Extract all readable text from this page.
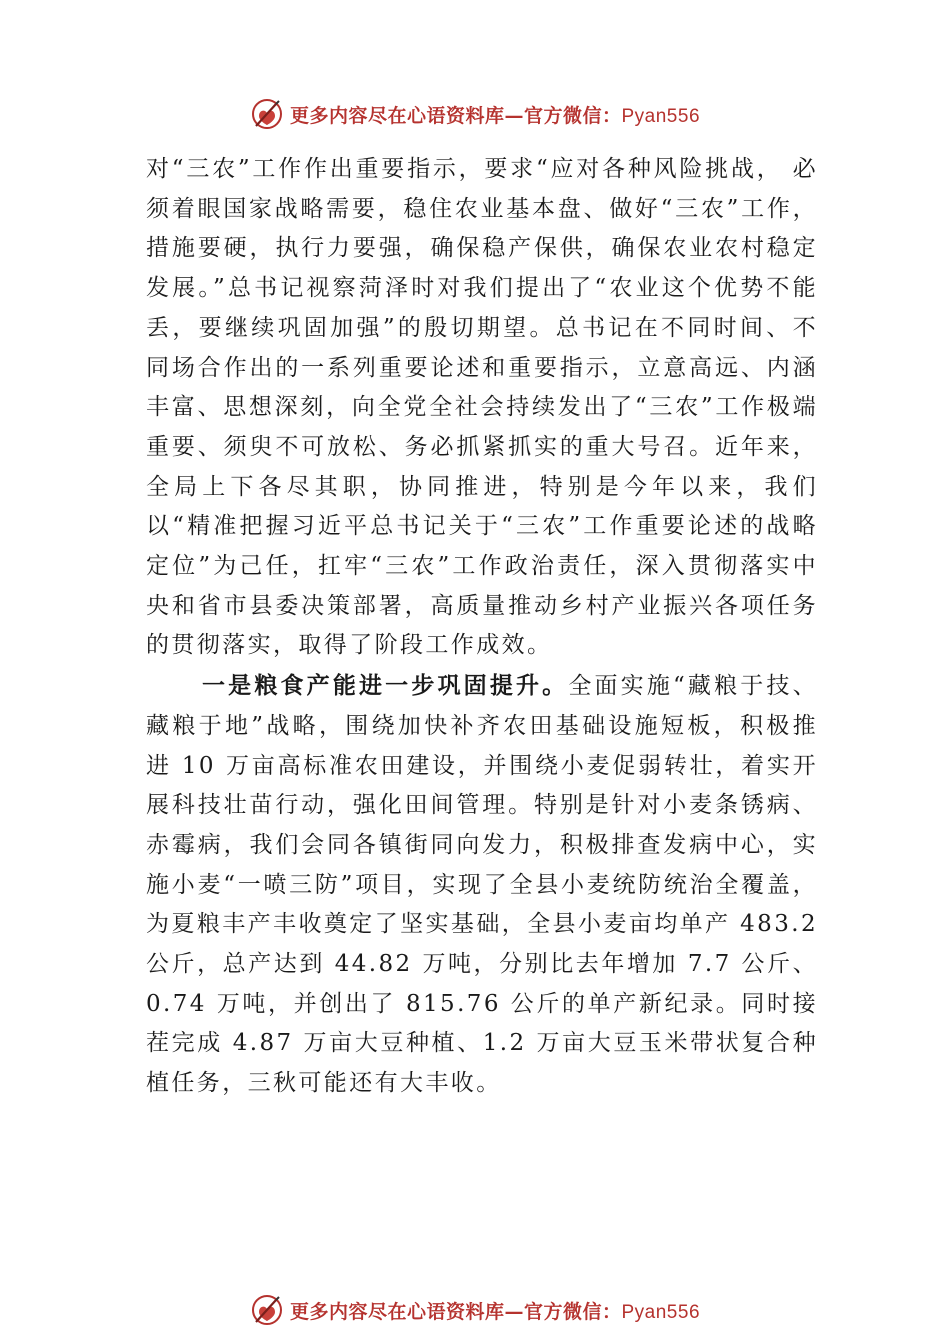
更多内容尽在心语资料库—官方微信：Pyan556

对“三农”工作作出重要指示，要求“应对各种风险挑战， 必须着眼国家战略需要，稳住农业基本盘、做好“三农”工作，措施要硬，执行力要强，确保稳产保供，确保农业农村稳定发展。”总书记视察菏泽时对我们提出了“农业这个优势不能丢，要继续巩固加强”的殷切期望。总书记在不同时间、不同场合作出的一系列重要论述和重要指示，立意高远、内涵丰富、思想深刻，向全党全社会持续发出了“三农”工作极端重要、须臾不可放松、务必抓紧抓实的重大号召。近年来，全局上下各尽其职，协同推进，特别是今年以来，我们以“精准把握习近平总书记关于“三农”工作重要论述的战略定位”为己任，扛牢“三农”工作政治责任，深入贯彻落实中央和省市县委决策部署，高质量推动乡村产业振兴各项任务的贯彻落实，取得了阶段工作成效。

一是粮食产能进一步巩固提升。全面实施“藏粮于技、藏粮于地”战略，围绕加快补齐农田基础设施短板，积极推进 10 万亩高标准农田建设，并围绕小麦促弱转壮，着实开展科技壮苗行动，强化田间管理。特别是针对小麦条锈病、 赤霉病，我们会同各镇街同向发力，积极排查发病中心，实施小麦“一喷三防”项目，实现了全县小麦统防统治全覆盖， 为夏粮丰产丰收奠定了坚实基础，全县小麦亩均单产 483.2 公斤，总产达到 44.82 万吨，分别比去年增加 7.7 公斤、0.74 万吨，并创出了 815.76 公斤的单产新纪录。同时接茬完成 4.87 万亩大豆种植、1.2 万亩大豆玉米带状复合种植任务，三秋可能还有大丰收。

更多内容尽在心语资料库—官方微信：Pyan556
